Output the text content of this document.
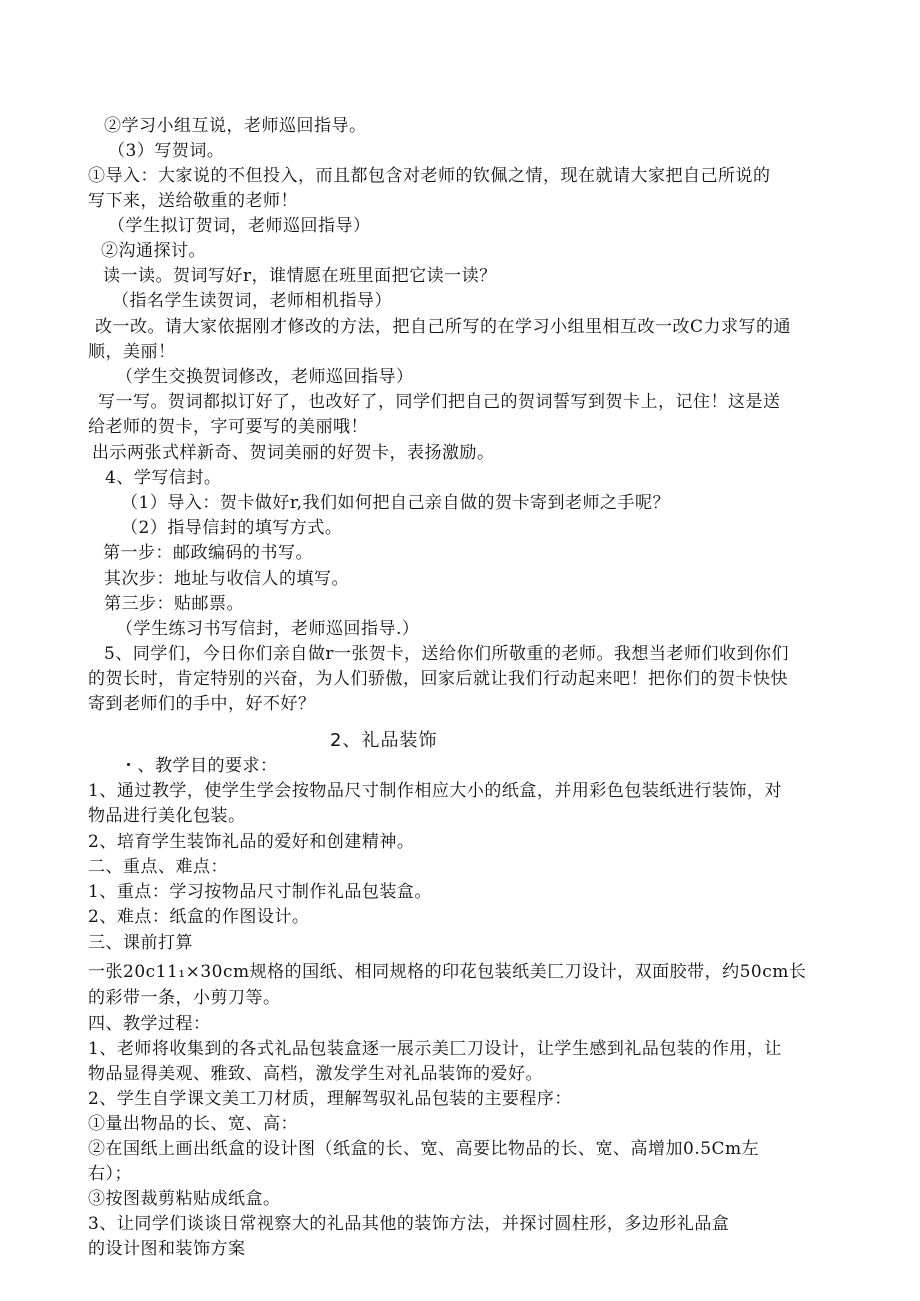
②学习小组互说，老师巡回指导。
（3）写贺词。
①导入：大家说的不但投入，而且都包含对老师的钦佩之情，现在就请大家把自己所说的
写下来，送给敬重的老师！
（学生拟订贺词，老师巡回指导）
②沟通探讨。
读一读。贺词写好r，谁情愿在班里面把它读一读？
（指名学生读贺词，老师相机指导）
改一改。请大家依据刚才修改的方法，把自己所写的在学习小组里相互改一改C力求写的通
顺，美丽！
（学生交换贺词修改，老师巡回指导）
写一写。贺词都拟订好了，也改好了，同学们把自己的贺词誓写到贺卡上，记住！这是送
给老师的贺卡，字可要写的美丽哦！
出示两张式样新奇、贺词美丽的好贺卡，表扬激励。
4、学写信封。
（1）导入：贺卡做好r,我们如何把自己亲自做的贺卡寄到老师之手呢？
（2）指导信封的填写方式。
第一步：邮政编码的书写。
其次步：地址与收信人的填写。
第三步：贴邮票。
（学生练习书写信封，老师巡回指导.）
5、同学们，今日你们亲自做r一张贺卡，送给你们所敬重的老师。我想当老师们收到你们
的贺长时，肯定特别的兴奋，为人们骄傲，回家后就让我们行动起来吧！把你们的贺卡快快
寄到老师们的手中，好不好？
2、礼品装饰
・、教学目的要求：
1、通过教学，使学生学会按物品尺寸制作相应大小的纸盒，并用彩色包装纸进行装饰，对
物品进行美化包装。
2、培育学生装饰礼品的爱好和创建精神。
二、重点、难点：
1、重点：学习按物品尺寸制作礼品包装盒。
2、难点：纸盒的作图设计。
三、课前打算
一张20c11₁×30cm规格的国纸、相同规格的印花包装纸美匚刀设计，双面胶带，约50cm长
的彩带一条，小剪刀等。
四、教学过程：
1、老师将收集到的各式礼品包装盒逐一展示美匚刀设计，让学生感到礼品包装的作用，让
物品显得美观、雅致、高档，激发学生对礼品装饰的爱好。
2、学生自学课文美工刀材质，理解驾驭礼品包装的主要程序：
①量出物品的长、宽、高：
②在国纸上画出纸盒的设计图（纸盒的长、宽、高要比物品的长、宽、高增加0.5Cm左
右）；
③按图裁剪粘贴成纸盒。
3、让同学们谈谈日常视察大的礼品其他的装饰方法，并探讨圆柱形，多边形礼品盒
的设计图和装饰方案
